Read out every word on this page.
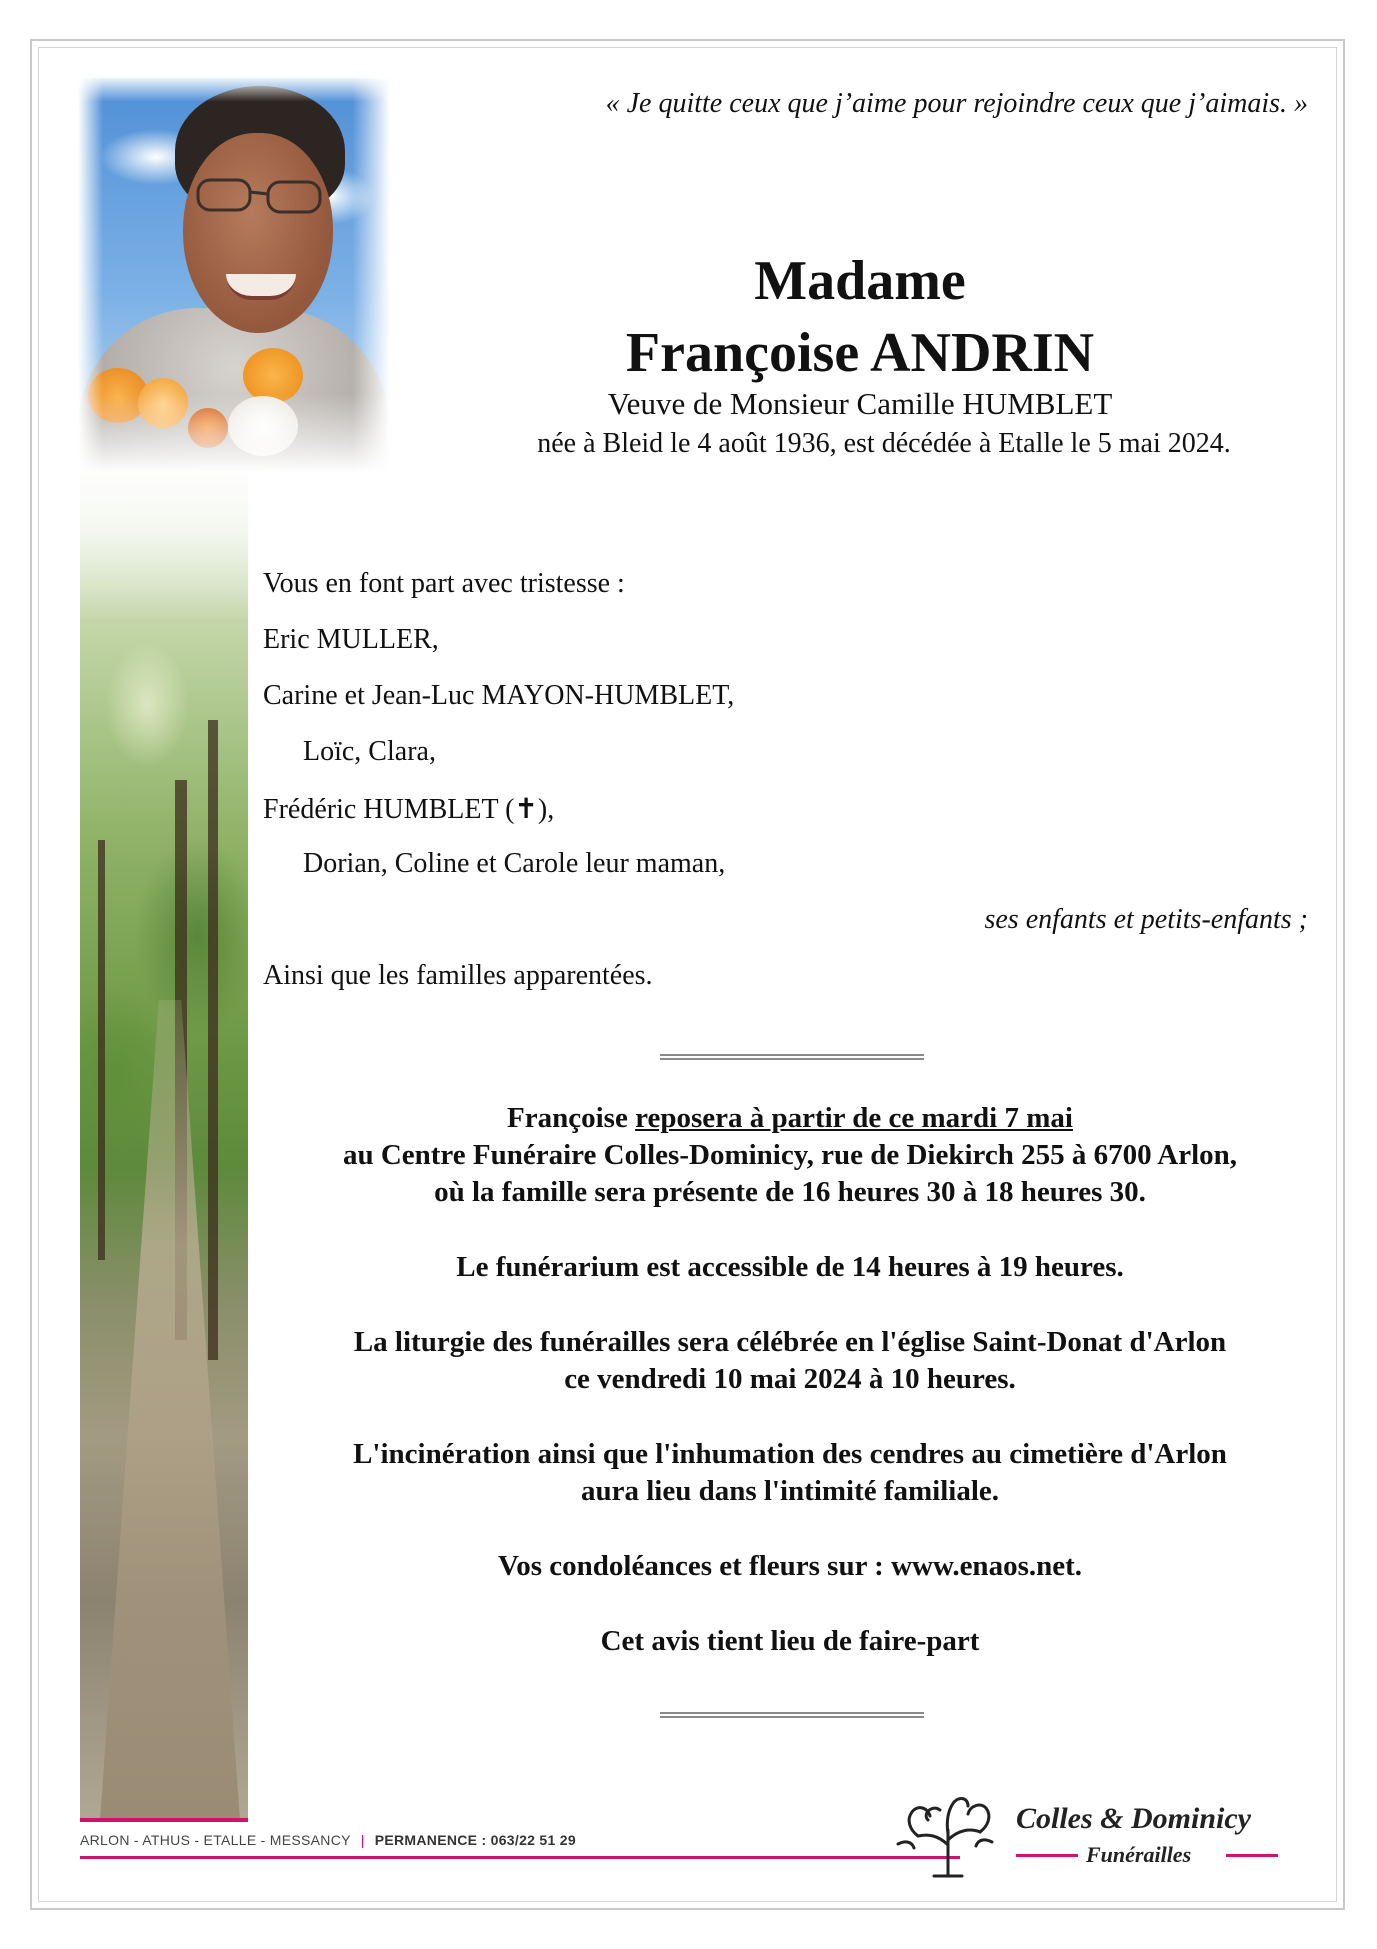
« Je quitte ceux que j’aime pour rejoindre ceux que j’aimais. »
Madame
Françoise ANDRIN
Veuve de Monsieur Camille HUMBLET
née à Bleid le 4 août 1936, est décédée à Etalle le 5 mai 2024.
Vous en font part avec tristesse :
Eric MULLER,
Carine et Jean-Luc MAYON-HUMBLET,
Loïc, Clara,
Frédéric HUMBLET (✝),
Dorian, Coline et Carole leur maman,
ses enfants et petits-enfants ;
Ainsi que les familles apparentées.
Françoise reposera à partir de ce mardi 7 mai
au Centre Funéraire Colles-Dominicy, rue de Diekirch 255 à 6700 Arlon,
où la famille sera présente de 16 heures 30 à 18 heures 30.
Le funérarium est accessible de 14 heures à 19 heures.
La liturgie des funérailles sera célébrée en l'église Saint-Donat d'Arlon
ce vendredi 10 mai 2024 à 10 heures.
L'incinération ainsi que l'inhumation des cendres au cimetière d'Arlon
aura lieu dans l'intimité familiale.
Vos condoléances et fleurs sur : www.enaos.net.
Cet avis tient lieu de faire-part
ARLON - ATHUS - ETALLE - MESSANCY | PERMANENCE : 063/22 51 29
Colles & Dominicy
Funérailles
